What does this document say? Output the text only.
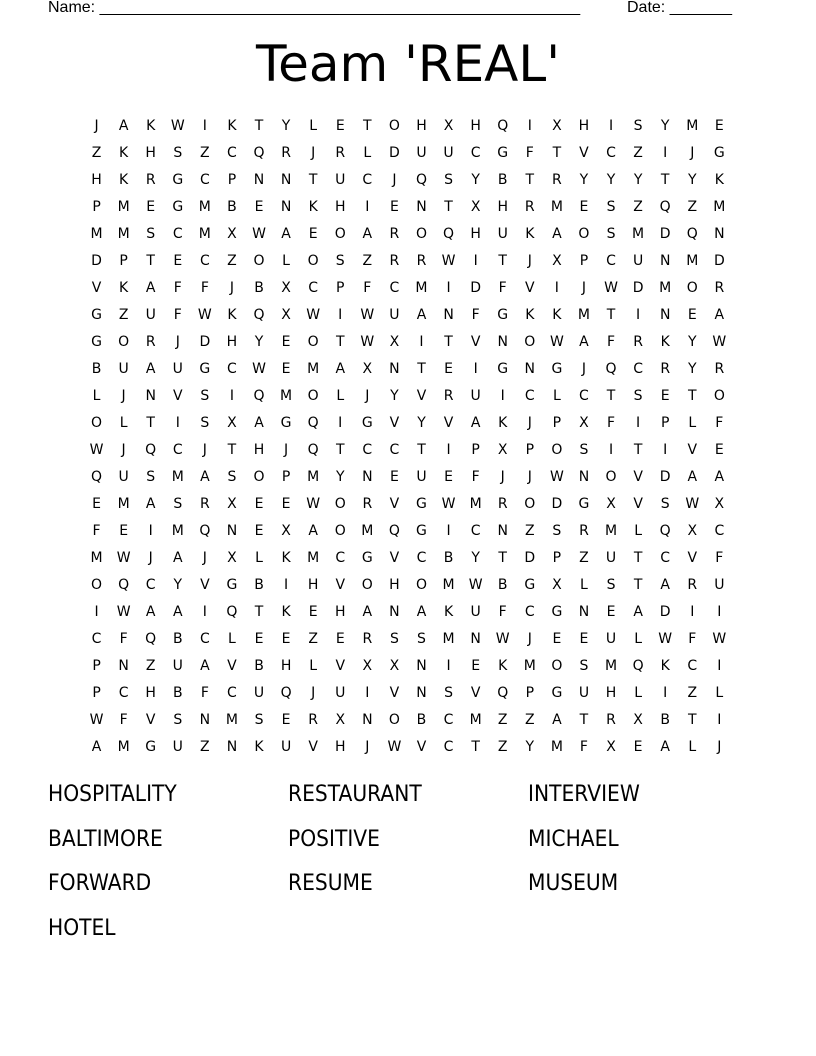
Name: ______________________________________________________	Date: _______
Team 'REAL'
J	A	K	W	I	K	T	Y	L	E	T	O	H	X	H	Q	I	X	H	I	S	Y	M	E
Z	K	H	S	Z	C	Q	R	J	R	L	D	U	U	C	G	F	T	V	C	Z	I	J	G
H	K	R	G	C	P	N	N	T	U	C	J	Q	S	Y	B	T	R	Y	Y	Y	T	Y	K
P	M	E	G	M	B	E	N	K	H	I	E	N	T	X	H	R	M	E	S	Z	Q	Z	M
M	M	S	C	M	X	W	A	E	O	A	R	O	Q	H	U	K	A	O	S	M	D	Q	N
D	P	T	E	C	Z	O	L	O	S	Z	R	R	W	I	T	J	X	P	C	U	N	M	D
V	K	A	F	F	J	B	X	C	P	F	C	M	I	D	F	V	I	J	W	D	M	O	R
G	Z	U	F	W	K	Q	X	W	I	W	U	A	N	F	G	K	K	M	T	I	N	E	A
G	O	R	J	D	H	Y	E	O	T	W	X	I	T	V	N	O	W	A	F	R	K	Y	W
B	U	A	U	G	C	W	E	M	A	X	N	T	E	I	G	N	G	J	Q	C	R	Y	R
L	J	N	V	S	I	Q	M	O	L	J	Y	V	R	U	I	C	L	C	T	S	E	T	O
O	L	T	I	S	X	A	G	Q	I	G	V	Y	V	A	K	J	P	X	F	I	P	L	F
W	J	Q	C	J	T	H	J	Q	T	C	C	T	I	P	X	P	O	S	I	T	I	V	E
Q	U	S	M	A	S	O	P	M	Y	N	E	U	E	F	J	J	W	N	O	V	D	A	A
E	M	A	S	R	X	E	E	W	O	R	V	G	W	M	R	O	D	G	X	V	S	W	X
F	E	I	M	Q	N	E	X	A	O	M	Q	G	I	C	N	Z	S	R	M	L	Q	X	C
M	W	J	A	J	X	L	K	M	C	G	V	C	B	Y	T	D	P	Z	U	T	C	V	F
O	Q	C	Y	V	G	B	I	H	V	O	H	O	M	W	B	G	X	L	S	T	A	R	U
I	W	A	A	I	Q	T	K	E	H	A	N	A	K	U	F	C	G	N	E	A	D	I	I
C	F	Q	B	C	L	E	E	Z	E	R	S	S	M	N	W	J	E	E	U	L	W	F	W
P	N	Z	U	A	V	B	H	L	V	X	X	N	I	E	K	M	O	S	M	Q	K	C	I
P	C	H	B	F	C	U	Q	J	U	I	V	N	S	V	Q	P	G	U	H	L	I	Z	L
W	F	V	S	N	M	S	E	R	X	N	O	B	C	M	Z	Z	A	T	R	X	B	T	I
A	M	G	U	Z	N	K	U	V	H	J	W	V	C	T	Z	Y	M	F	X	E	A	L	J
HOSPITALITY	RESTAURANT	INTERVIEW
BALTIMORE	POSITIVE	MICHAEL
FORWARD	RESUME	MUSEUM
HOTEL
